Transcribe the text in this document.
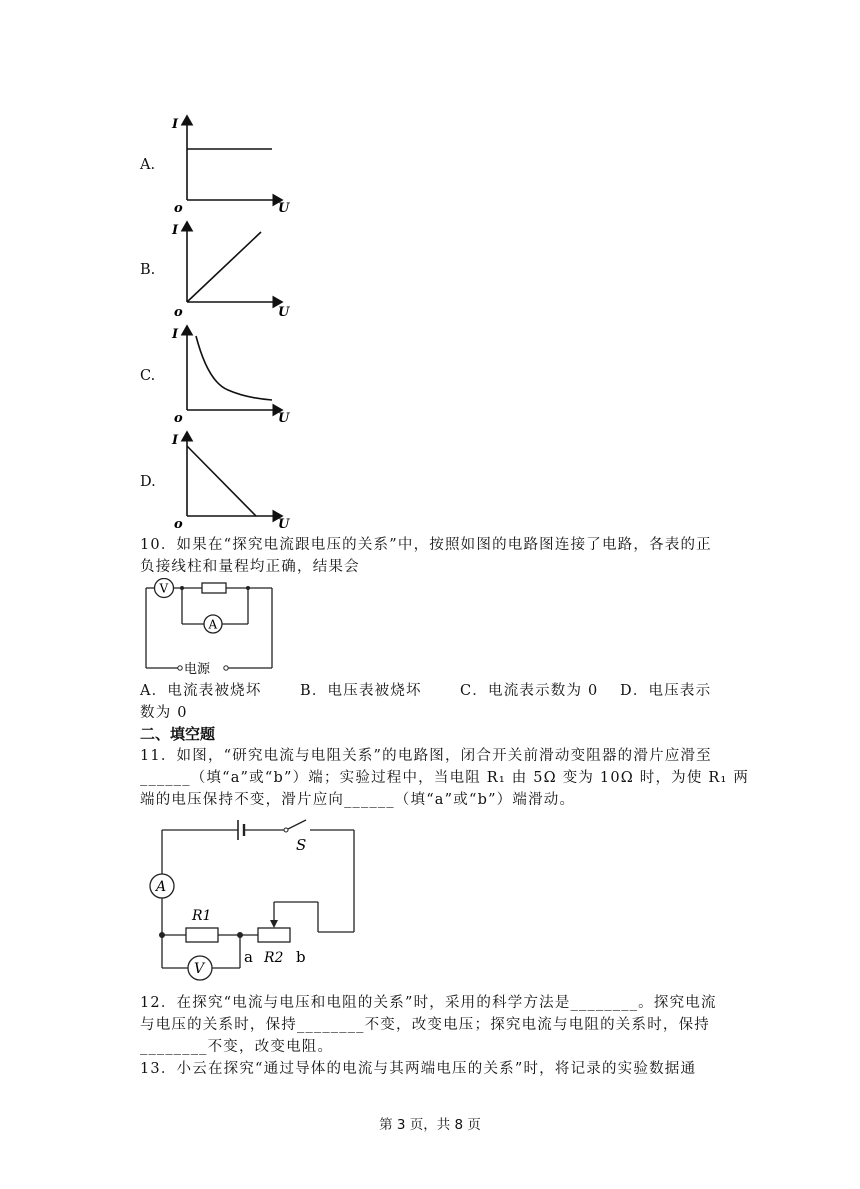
A.
I
o	U
B.
I
o	U
C.
I
o	U
D.
I
o	U
10．如果在“探究电流跟电压的关系”中，按照如图的电路图连接了电路，各表的正
负接线柱和量程均正确，结果会
V
A
电源
A．电流表被烧坏	B．电压表被烧坏	C．电流表示数为 0 D．电压表示
数为 0
二、填空题
11．如图，“研究电流与电阻关系”的电路图，闭合开关前滑动变阻器的滑片应滑至
______（填“a”或“b”）端；实验过程中，当电阻 R₁ 由 5Ω 变为 10Ω 时，为使 R₁ 两
端的电压保持不变，滑片应向______（填“a”或“b”）端滑动。
S
A
R1
R2
a	b
V
12．在探究“电流与电压和电阻的关系”时，采用的科学方法是________。探究电流
与电压的关系时，保持________不变，改变电压；探究电流与电阻的关系时，保持
________不变，改变电阻。
13．小云在探究“通过导体的电流与其两端电压的关系”时，将记录的实验数据通
第 3 页，共 8 页
